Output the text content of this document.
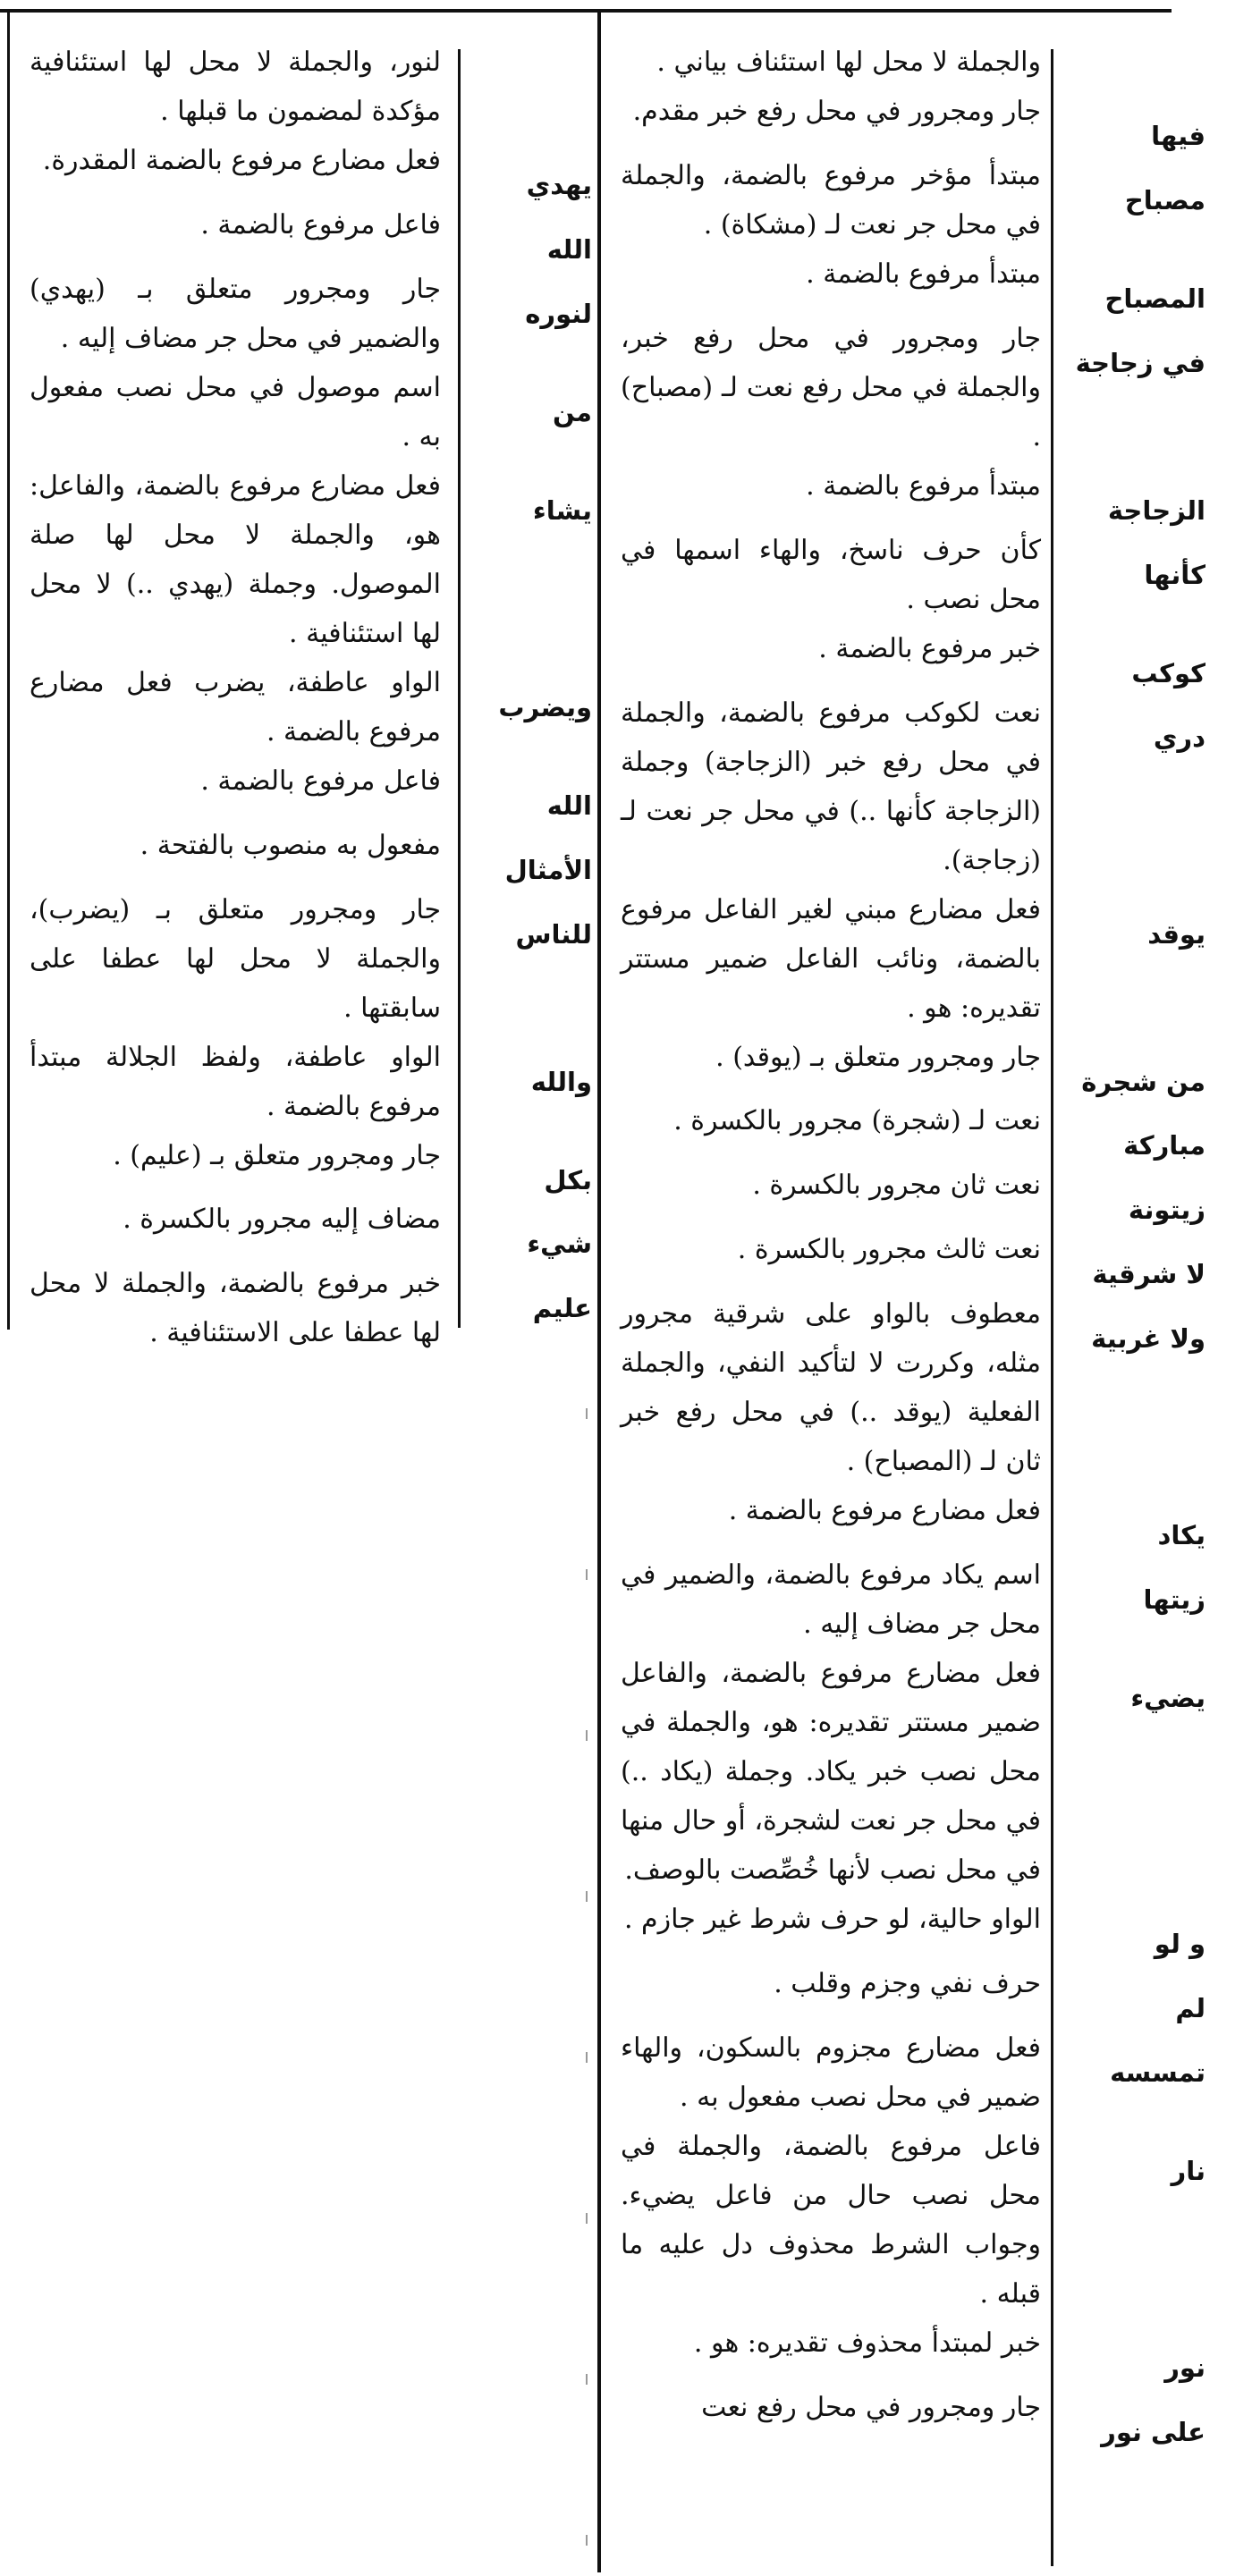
والجملة لا محل لها استئناف بياني .
فيها
جار ومجرور في محل رفع خبر مقدم.
مصباح
مبتدأ مؤخر مرفوع بالضمة، والجملة في محل جر نعت لـ (مشكاة) .
المصباح
مبتدأ مرفوع بالضمة .
في زجاجة
جار ومجرور في محل رفع خبر، والجملة في محل رفع نعت لـ (مصباح) .
الزجاجة
مبتدأ مرفوع بالضمة .
كأنها
كأن حرف ناسخ، والهاء اسمها في محل نصب .
كوكب
خبر مرفوع بالضمة .
دري
نعت لكوكب مرفوع بالضمة، والجملة في محل رفع خبر (الزجاجة) وجملة (الزجاجة كأنها ..) في محل جر نعت لـ (زجاجة).
يوقد
فعل مضارع مبني لغير الفاعل مرفوع بالضمة، ونائب الفاعل ضمير مستتر تقديره: هو .
من شجرة
جار ومجرور متعلق بـ (يوقد) .
مباركة
نعت لـ (شجرة) مجرور بالكسرة .
زيتونة
نعت ثان مجرور بالكسرة .
لا شرقية
نعت ثالث مجرور بالكسرة .
ولا غربية
معطوف بالواو على شرقية مجرور مثله، وكررت لا لتأكيد النفي، والجملة الفعلية (يوقد ..) في محل رفع خبر ثان لـ (المصباح) .
يكاد
فعل مضارع مرفوع بالضمة .
زيتها
اسم يكاد مرفوع بالضمة، والضمير في محل جر مضاف إليه .
يضيء
فعل مضارع مرفوع بالضمة، والفاعل ضمير مستتر تقديره: هو، والجملة في محل نصب خبر يكاد. وجملة (يكاد ..) في محل جر نعت لشجرة، أو حال منها في محل نصب لأنها خُصِّصت بالوصف.
و لو
الواو حالية، لو حرف شرط غير جازم .
لم
حرف نفي وجزم وقلب .
تمسسه
فعل مضارع مجزوم بالسكون، والهاء ضمير في محل نصب مفعول به .
نار
فاعل مرفوع بالضمة، والجملة في محل نصب حال من فاعل يضيء. وجواب الشرط محذوف دل عليه ما قبله .
نور
خبر لمبتدأ محذوف تقديره: هو .
على نور
جار ومجرور في محل رفع نعت
لنور، والجملة لا محل لها استئنافية مؤكدة لمضمون ما قبلها .
يهدي
فعل مضارع مرفوع بالضمة المقدرة.
الله
فاعل مرفوع بالضمة .
لنوره
جار ومجرور متعلق بـ (يهدي) والضمير في محل جر مضاف إليه .
من
اسم موصول في محل نصب مفعول به .
يشاء
فعل مضارع مرفوع بالضمة، والفاعل: هو، والجملة لا محل لها صلة الموصول. وجملة (يهدي ..) لا محل لها استئنافية .
ويضرب
الواو عاطفة، يضرب فعل مضارع مرفوع بالضمة .
الله
فاعل مرفوع بالضمة .
الأمثال
مفعول به منصوب بالفتحة .
للناس
جار ومجرور متعلق بـ (يضرب)، والجملة لا محل لها عطفا على سابقتها .
والله
الواو عاطفة، ولفظ الجلالة مبتدأ مرفوع بالضمة .
بكل
جار ومجرور متعلق بـ (عليم) .
شيء
مضاف إليه مجرور بالكسرة .
عليم
خبر مرفوع بالضمة، والجملة لا محل لها عطفا على الاستئنافية .
